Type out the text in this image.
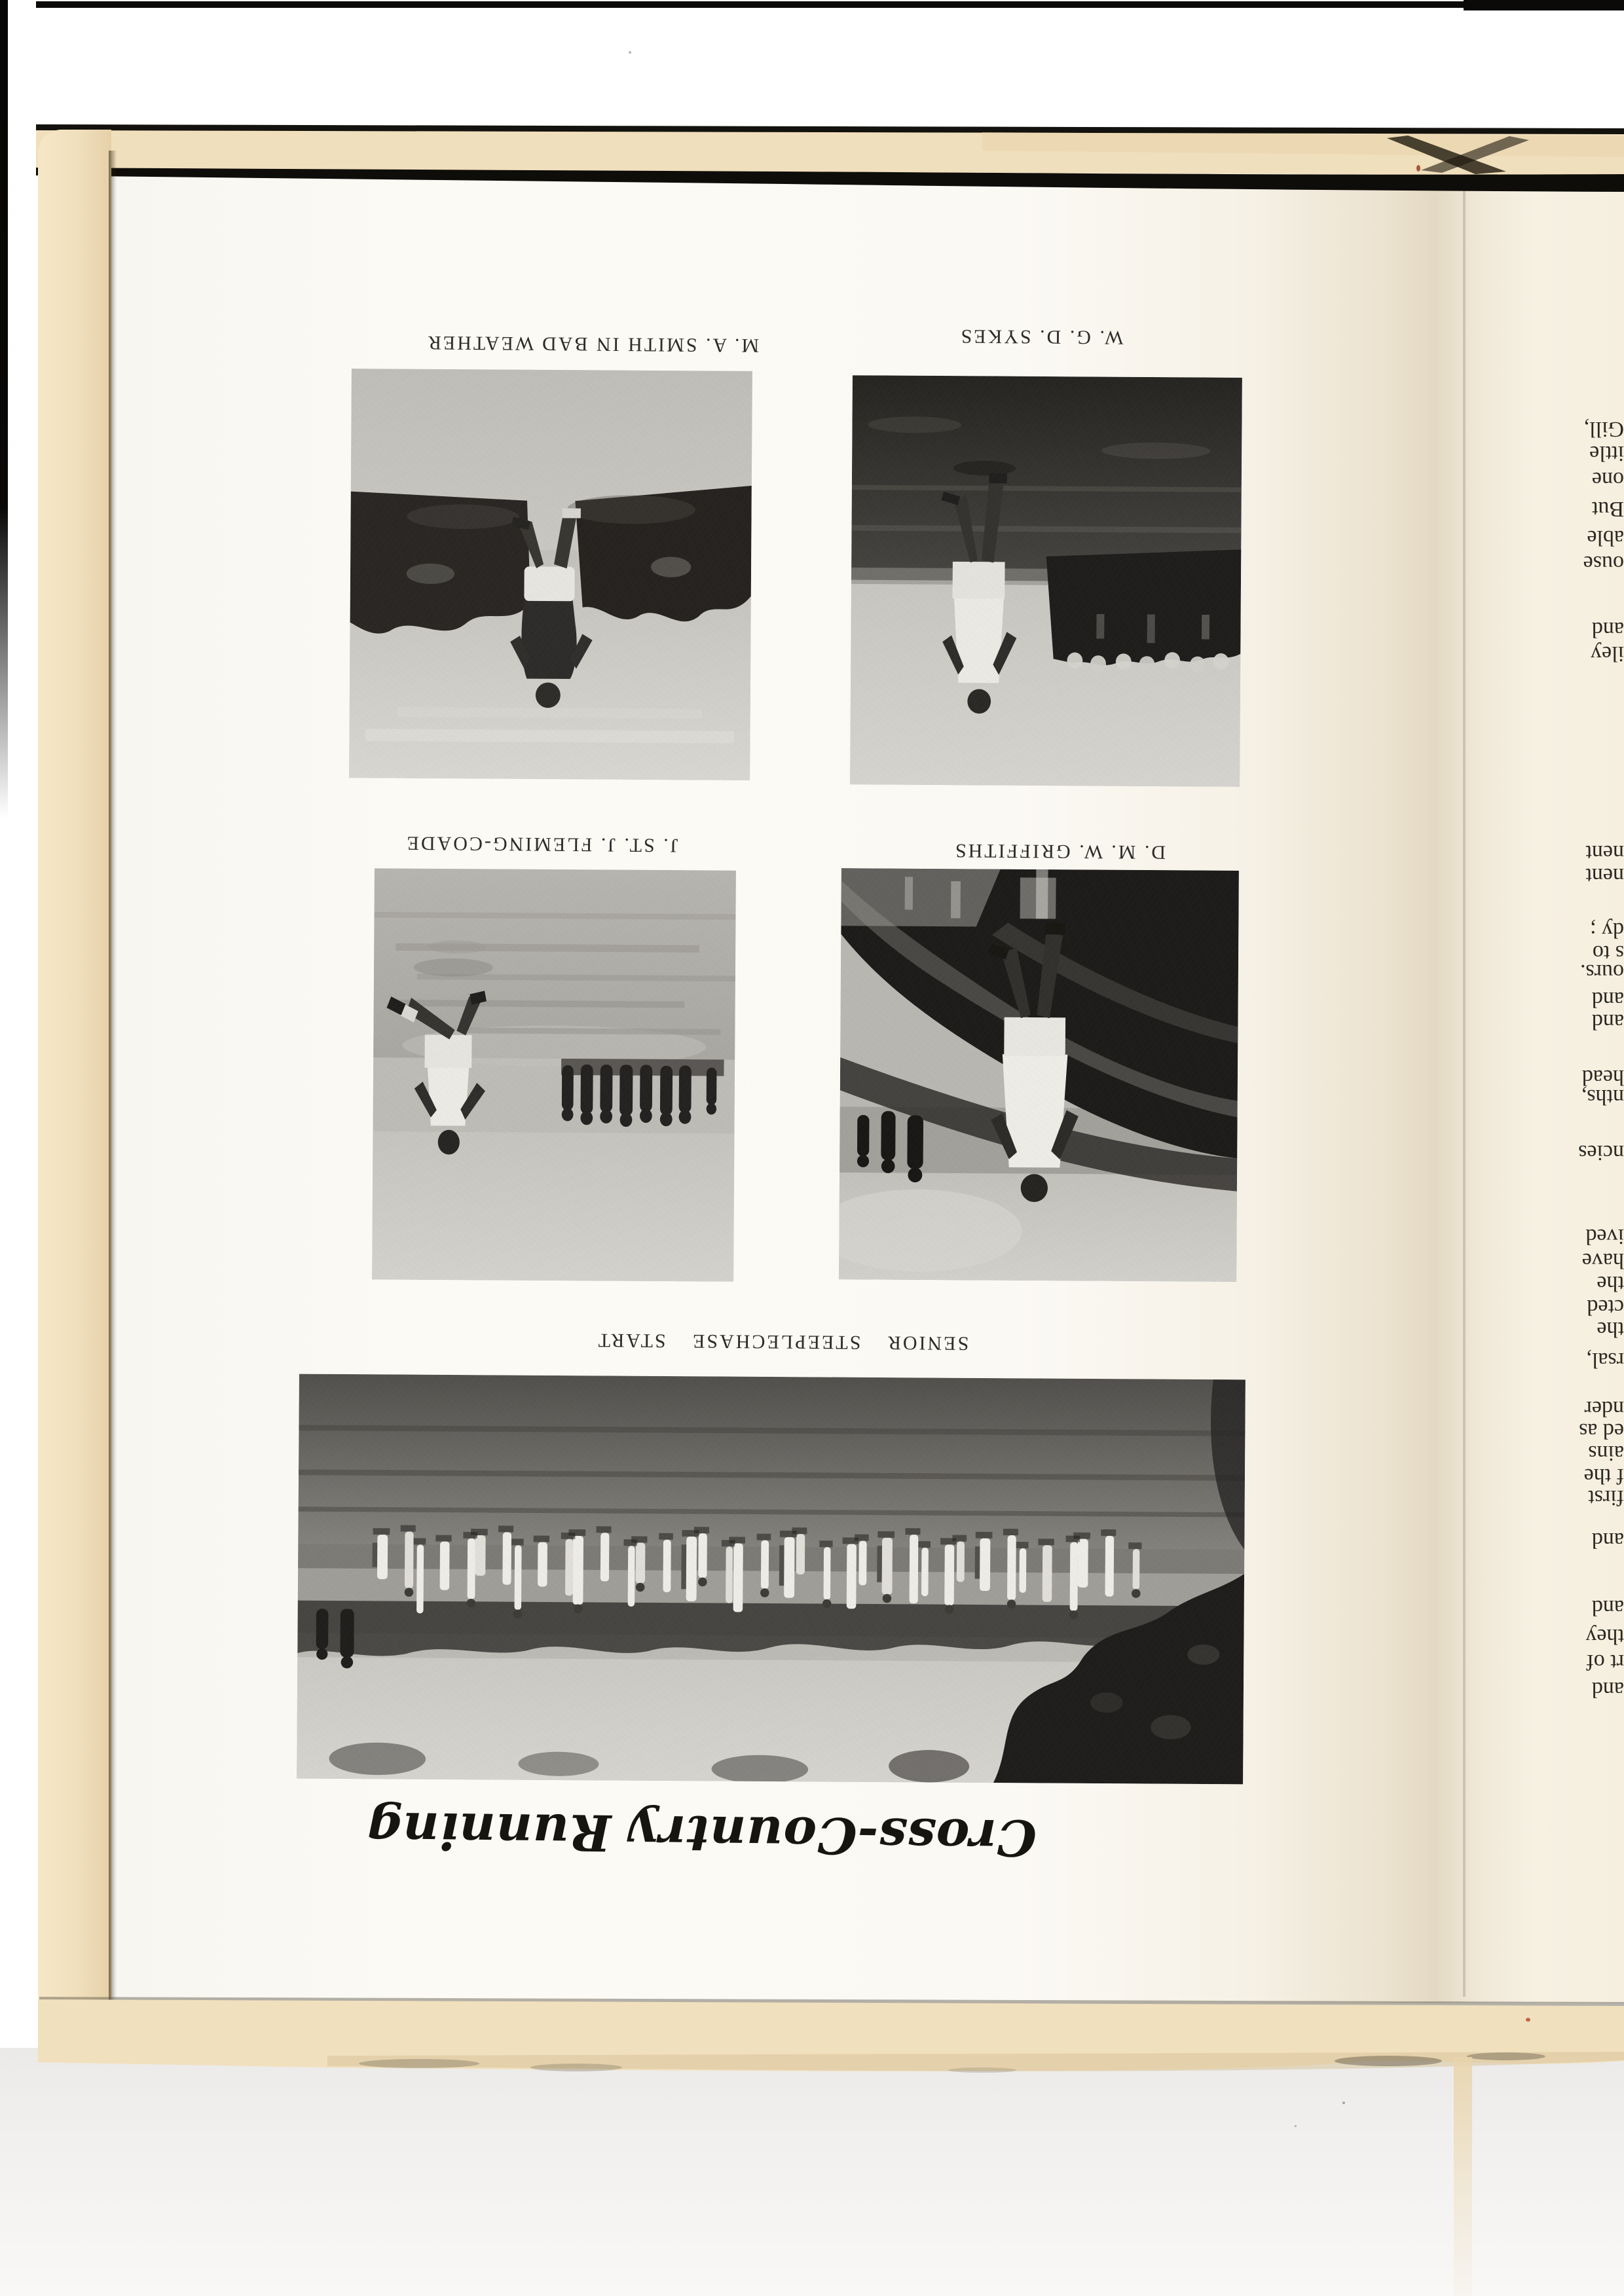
M. A. SMITH IN BAD WEATHER	W. G. D. SYKES
J. ST. J. FLEMING-COADE	D. M. W. GRIFFITHS
SENIOR STEEPLECHASE START
Cross-Country Running
Gill,
ittle
one
But
able
ouse
and
iley
nent
nent
dy ;
s to
ours.
and
and
head
nths,
ncies
ived
have
the
cted
the
rsal,
nder
ed as
ains
f the
first
and
and
they
rt of
and
